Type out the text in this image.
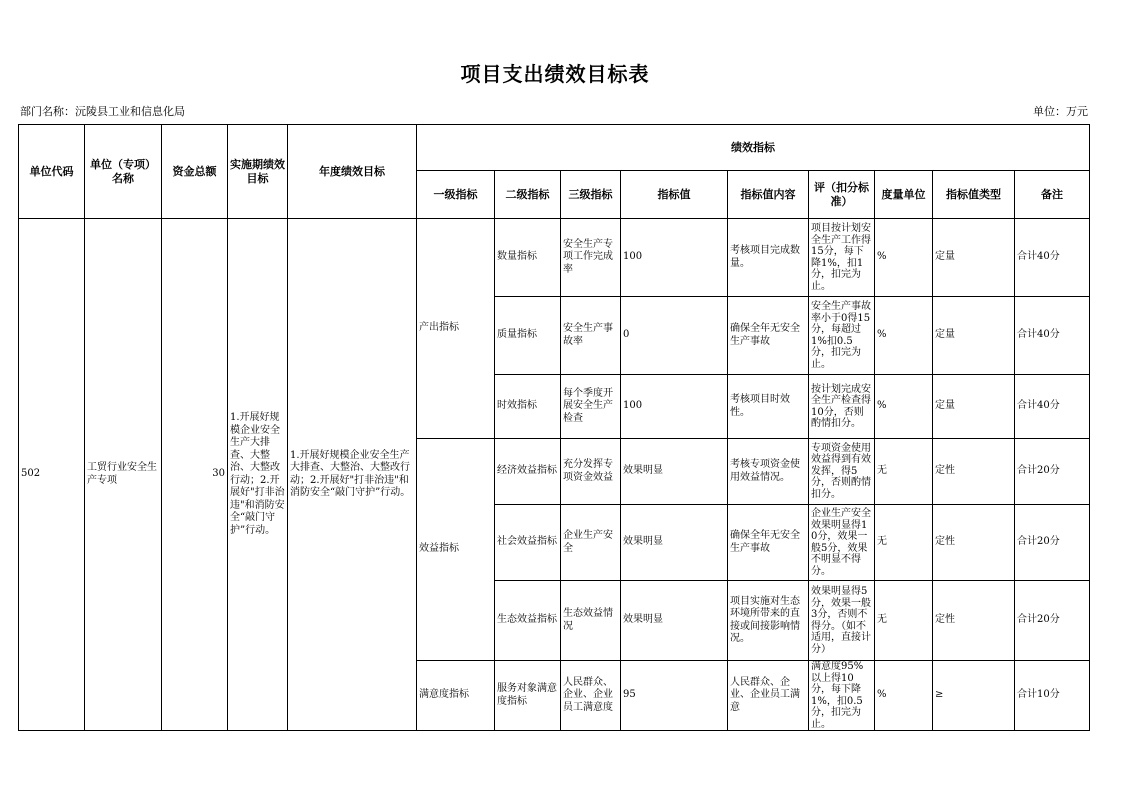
项目支出绩效目标表
部门名称：沅陵县工业和信息化局	单位：万元
单位代码	单位（专项）名称	资金总额	实施期绩效目标	年度绩效目标	绩效指标								
					一级指标	二级指标	三级指标	指标值	指标值内容	评（扣分标准）	度量单位	指标值类型	备注
502	工贸行业安全生产专项	30	1.开展好规模企业安全生产大排查、大整治、大整改行动；2.开展好"打非治违"和消防安全“敲门守护”行动。	1.开展好规模企业安全生产大排查、大整治、大整改行动；2.开展好"打非治违"和消防安全“敲门守护”行动。	产出指标	数量指标	安全生产专项工作完成率	100	考核项目完成数量。	项目按计划安全生产工作得15分，每下降1%，扣1分，扣完为止。	%	定量	合计40分
						质量指标	安全生产事故率	0	确保全年无安全生产事故	安全生产事故率小于0得15分，每超过1%扣0.5分，扣完为止。	%	定量	合计40分
						时效指标	每个季度开展安全生产检查	100	考核项目时效性。	按计划完成安全生产检查得10分，否则酌情扣分。	%	定量	合计40分
					效益指标	经济效益指标	充分发挥专项资金效益	效果明显	考核专项资金使用效益情况。	专项资金使用效益得到有效发挥，得5分，否则酌情扣分。	无	定性	合计20分
						社会效益指标	企业生产安全	效果明显	确保全年无安全生产事故	企业生产安全效果明显得10分，效果一般5分，效果不明显不得分。	无	定性	合计20分
						生态效益指标	生态效益情况	效果明显	项目实施对生态环境所带来的直接或间接影响情况。	效果明显得5分，效果一般3分，否则不得分。（如不适用，直接计分）	无	定性	合计20分
					满意度指标	服务对象满意度指标	人民群众、企业、企业员工满意度	95	人民群众、企业、企业员工满意	满意度95%以上得10分，每下降1%，扣0.5分，扣完为止。	%	≥	合计10分
